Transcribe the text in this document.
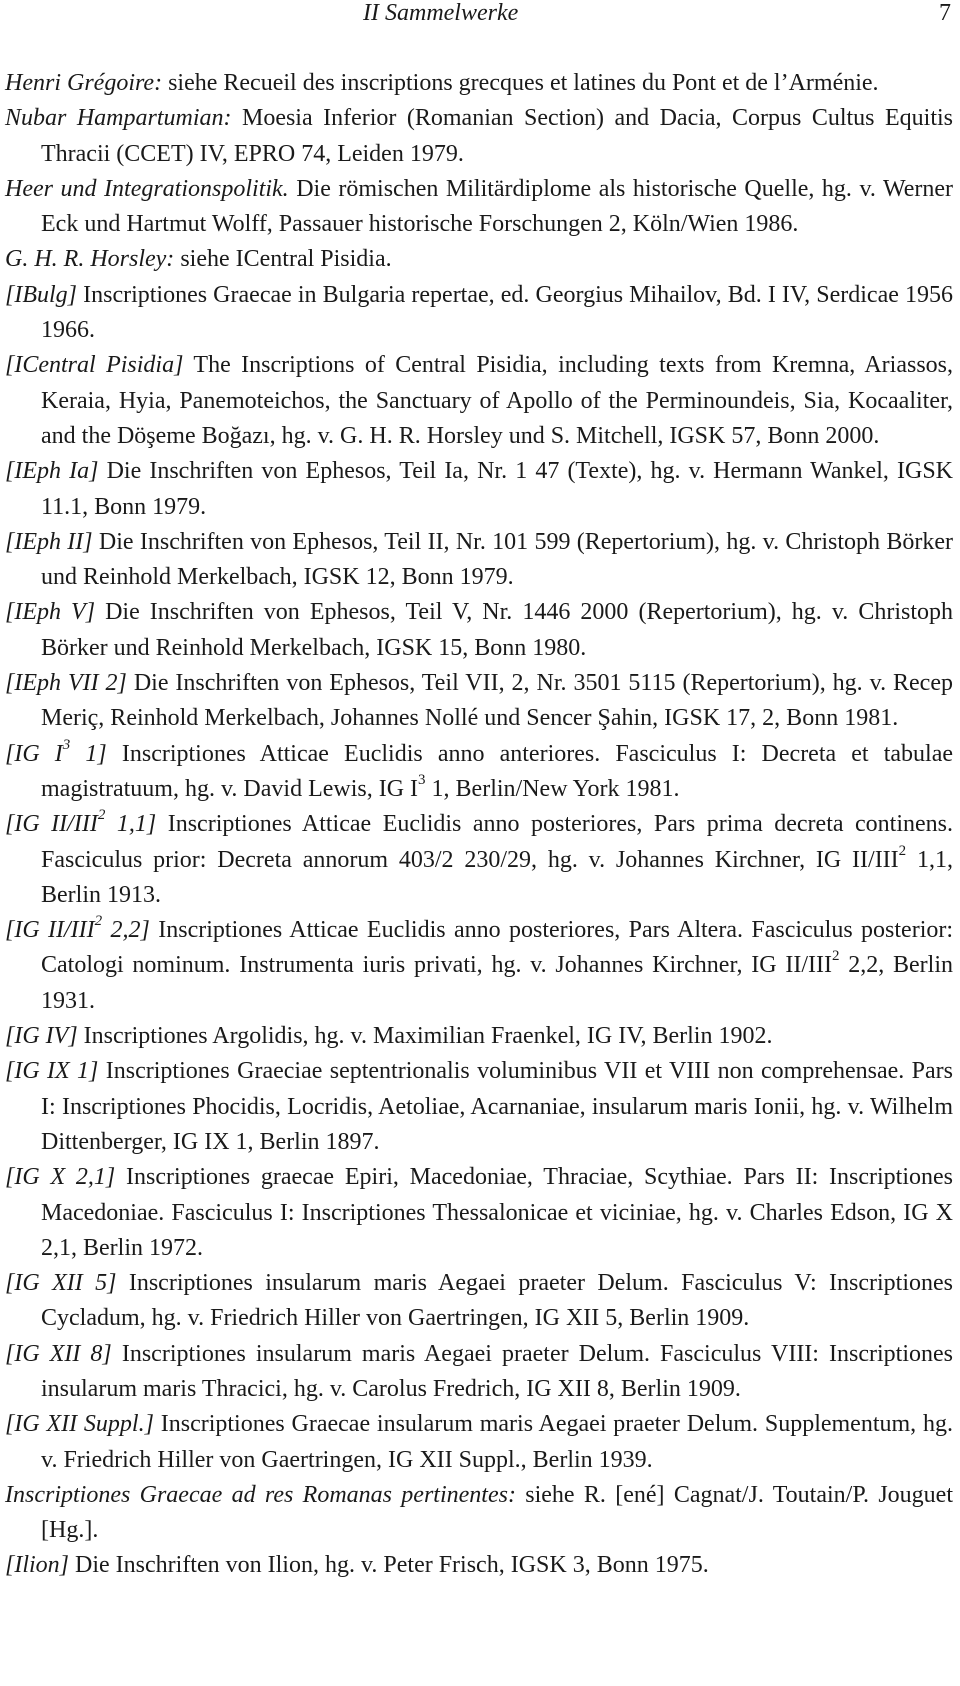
II Sammelwerke	7

Henri Grégoire: siehe Recueil des inscriptions grecques et latines du Pont et de l’Arménie.

Nubar Hampartumian: Moesia Inferior (Romanian Section) and Dacia, Corpus Cultus Equitis Thracii (CCET) IV, EPRO 74, Leiden 1979.

Heer und Integrationspolitik. Die römischen Militärdiplome als historische Quelle, hg. v. Werner Eck und Hartmut Wolff, Passauer historische Forschungen 2, Köln/Wien 1986.

G. H. R. Horsley: siehe ICentral Pisidia.

[IBulg] Inscriptiones Graecae in Bulgaria repertae, ed. Georgius Mihailov, Bd. I IV, Serdicae 1956 1966.

[ICentral Pisidia] The Inscriptions of Central Pisidia, including texts from Kremna, Ariassos, Keraia, Hyia, Panemoteichos, the Sanctuary of Apollo of the Perminoundeis, Sia, Kocaaliter, and the Döşeme Boğazı, hg. v. G. H. R. Horsley und S. Mitchell, IGSK 57, Bonn 2000.

[IEph Ia] Die Inschriften von Ephesos, Teil Ia, Nr. 1 47 (Texte), hg. v. Hermann Wankel, IGSK 11.1, Bonn 1979.

[IEph II] Die Inschriften von Ephesos, Teil II, Nr. 101 599 (Repertorium), hg. v. Christoph Börker und Reinhold Merkelbach, IGSK 12, Bonn 1979.

[IEph V] Die Inschriften von Ephesos, Teil V, Nr. 1446 2000 (Repertorium), hg. v. Christoph Börker und Reinhold Merkelbach, IGSK 15, Bonn 1980.

[IEph VII 2] Die Inschriften von Ephesos, Teil VII, 2, Nr. 3501 5115 (Repertorium), hg. v. Recep Meriç, Reinhold Merkelbach, Johannes Nollé und Sencer Şahin, IGSK 17, 2, Bonn 1981.

[IG $I^3$ 1] Inscriptiones Atticae Euclidis anno anteriores. Fasciculus I: Decreta et tabulae magistratuum, hg. v. David Lewis, IG $I^3$ 1, Berlin/New York 1981.

[IG II/III$^2$ 1,1] Inscriptiones Atticae Euclidis anno posteriores, Pars prima decreta continens. Fasciculus prior: Decreta annorum 403/2 230/29, hg. v. Johannes Kirchner, IG II/III$^2$ 1,1, Berlin 1913.

[IG II/III$^2$ 2,2] Inscriptiones Atticae Euclidis anno posteriores, Pars Altera. Fasciculus posterior: Catologi nominum. Instrumenta iuris privati, hg. v. Johannes Kirchner, IG II/III$^2$ 2,2, Berlin 1931.

[IG IV] Inscriptiones Argolidis, hg. v. Maximilian Fraenkel, IG IV, Berlin 1902.

[IG IX 1] Inscriptiones Graeciae septentrionalis voluminibus VII et VIII non comprehensae. Pars I: Inscriptiones Phocidis, Locridis, Aetoliae, Acarnaniae, insularum maris Ionii, hg. v. Wilhelm Dittenberger, IG IX 1, Berlin 1897.

[IG X 2,1] Inscriptiones graecae Epiri, Macedoniae, Thraciae, Scythiae. Pars II: Inscriptiones Macedoniae. Fasciculus I: Inscriptiones Thessalonicae et viciniae, hg. v. Charles Edson, IG X 2,1, Berlin 1972.

[IG XII 5] Inscriptiones insularum maris Aegaei praeter Delum. Fasciculus V: Inscriptiones Cycladum, hg. v. Friedrich Hiller von Gaertringen, IG XII 5, Berlin 1909.

[IG XII 8] Inscriptiones insularum maris Aegaei praeter Delum. Fasciculus VIII: Inscriptiones insularum maris Thracici, hg. v. Carolus Fredrich, IG XII 8, Berlin 1909.

[IG XII Suppl.] Inscriptiones Graecae insularum maris Aegaei praeter Delum. Supplementum, hg. v. Friedrich Hiller von Gaertringen, IG XII Suppl., Berlin 1939.

Inscriptiones Graecae ad res Romanas pertinentes: siehe R. [ené] Cagnat/J. Toutain/P. Jouguet [Hg.].

[Ilion] Die Inschriften von Ilion, hg. v. Peter Frisch, IGSK 3, Bonn 1975.
